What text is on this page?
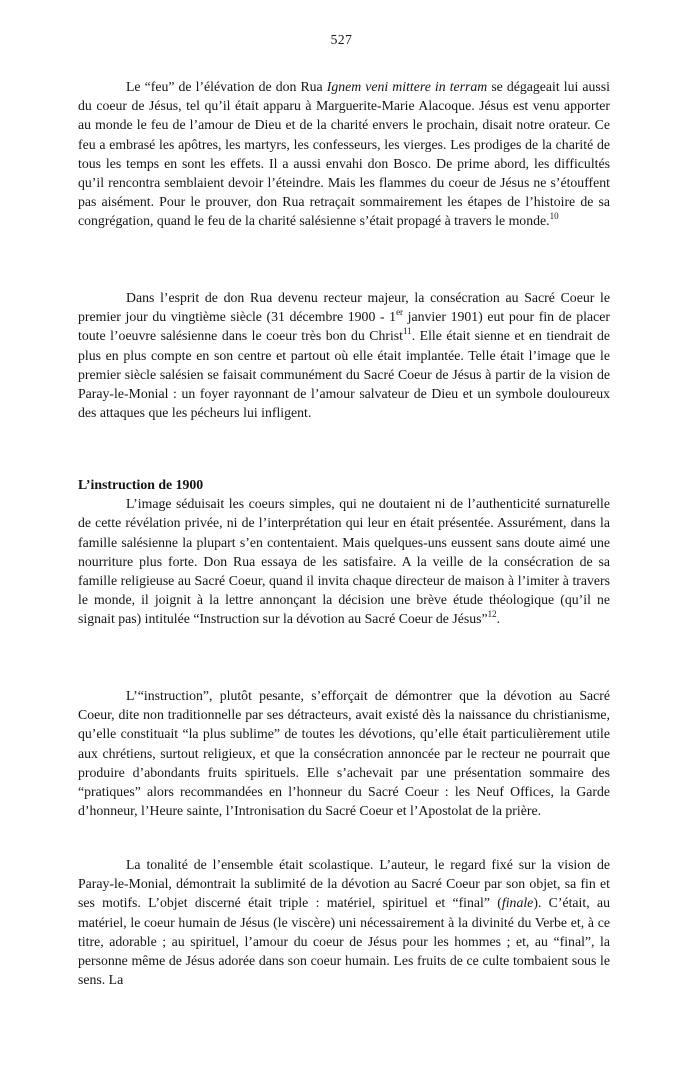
527

Le “feu” de l’élévation de don Rua Ignem veni mittere in terram se dégageait lui aussi du coeur de Jésus, tel qu’il était apparu à Marguerite-Marie Alacoque. Jésus est venu apporter au monde le feu de l’amour de Dieu et de la charité envers le prochain, disait notre orateur. Ce feu a embrasé les apôtres, les martyrs, les confesseurs, les vierges. Les prodiges de la charité de tous les temps en sont les effets. Il a aussi envahi don Bosco. De prime abord, les difficultés qu’il rencontra semblaient devoir l’éteindre. Mais les flammes du coeur de Jésus ne s’étouffent pas aisément. Pour le prouver, don Rua retraçait sommairement les étapes de l’histoire de sa congrégation, quand le feu de la charité salésienne s’était propagé à travers le monde.$^{10}$

Dans l’esprit de don Rua devenu recteur majeur, la consécration au Sacré Coeur le premier jour du vingtième siècle (31 décembre 1900 - 1er janvier 1901) eut pour fin de placer toute l’oeuvre salésienne dans le coeur très bon du Christ$^{11}$. Elle était sienne et en tiendrait de plus en plus compte en son centre et partout où elle était implantée. Telle était l’image que le premier siècle salésien se faisait communément du Sacré Coeur de Jésus à partir de la vision de Paray-le-Monial : un foyer rayonnant de l’amour salvateur de Dieu et un symbole douloureux des attaques que les pécheurs lui infligent.

L’instruction de 1900

L’image séduisait les coeurs simples, qui ne doutaient ni de l’authenticité surnaturelle de cette révélation privée, ni de l’interprétation qui leur en était présentée. Assurément, dans la famille salésienne la plupart s’en contentaient. Mais quelques-uns eussent sans doute aimé une nourriture plus forte. Don Rua essaya de les satisfaire. A la veille de la consécration de sa famille religieuse au Sacré Coeur, quand il invita chaque directeur de maison à l’imiter à travers le monde, il joignit à la lettre annonçant la décision une brève étude théologique (qu’il ne signait pas) intitulée “Instruction sur la dévotion au Sacré Coeur de Jésus”$^{12}$.

L’“instruction”, plutôt pesante, s’efforçait de démontrer que la dévotion au Sacré Coeur, dite non traditionnelle par ses détracteurs, avait existé dès la naissance du christianisme, qu’elle constituait “la plus sublime” de toutes les dévotions, qu’elle était particulièrement utile aux chrétiens, surtout religieux, et que la consécration annoncée par le recteur ne pourrait que produire d’abondants fruits spirituels. Elle s’achevait par une présentation sommaire des “pratiques” alors recommandées en l’honneur du Sacré Coeur : les Neuf Offices, la Garde d’honneur, l’Heure sainte, l’Intronisation du Sacré Coeur et l’Apostolat de la prière.

La tonalité de l’ensemble était scolastique. L’auteur, le regard fixé sur la vision de Paray-le-Monial, démontrait la sublimité de la dévotion au Sacré Coeur par son objet, sa fin et ses motifs. L’objet discerné était triple : matériel, spirituel et “final” (finale). C’était, au matériel, le coeur humain de Jésus (le viscère) uni nécessairement à la divinité du Verbe et, à ce titre, adorable ; au spirituel, l’amour du coeur de Jésus pour les hommes ; et, au “final”, la personne même de Jésus adorée dans son coeur humain. Les fruits de ce culte tombaient sous le sens. La
